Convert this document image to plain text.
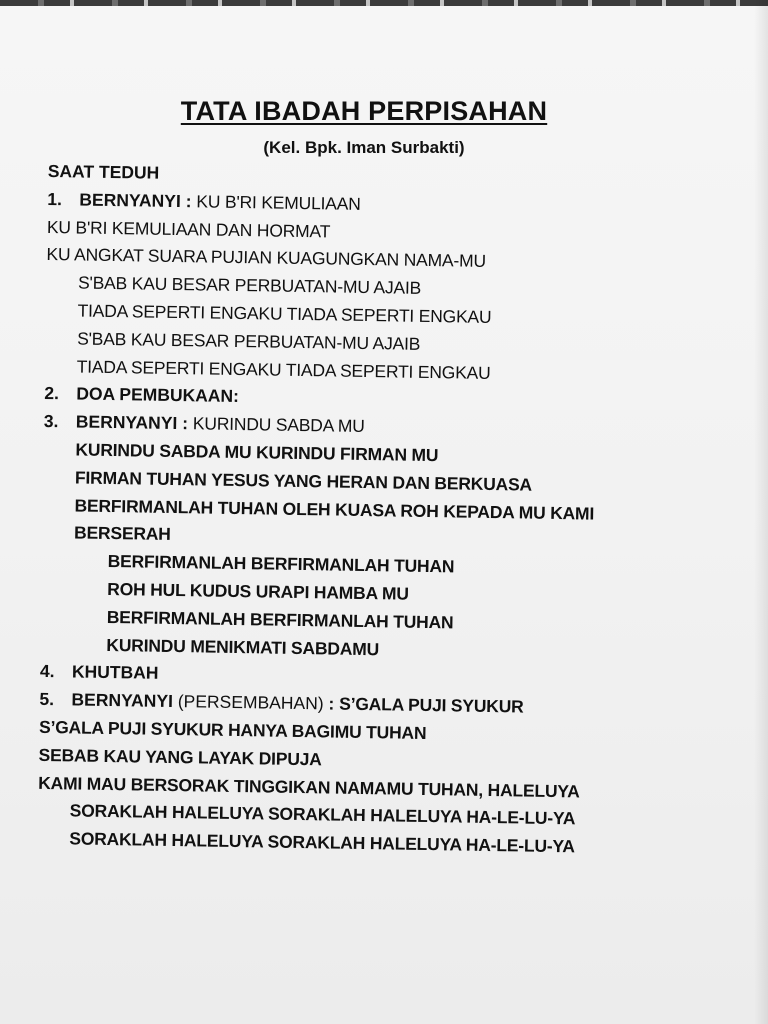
TATA IBADAH PERPISAHAN
(Kel. Bpk. Iman Surbakti)
SAAT TEDUH
1. BERNYANYI : KU B'RI KEMULIAAN
KU B'RI KEMULIAAN DAN HORMAT
KU ANGKAT SUARA PUJIAN KUAGUNGKAN NAMA-MU
S'BAB KAU BESAR PERBUATAN-MU AJAIB
TIADA SEPERTI ENGAKU TIADA SEPERTI ENGKAU
S'BAB KAU BESAR PERBUATAN-MU AJAIB
TIADA SEPERTI ENGAKU TIADA SEPERTI ENGKAU
2. DOA PEMBUKAAN:
3. BERNYANYI : KURINDU SABDA MU
KURINDU SABDA MU KURINDU FIRMAN MU
FIRMAN TUHAN YESUS YANG HERAN DAN BERKUASA
BERFIRMANLAH TUHAN OLEH KUASA ROH KEPADA MU KAMI
BERSERAH
BERFIRMANLAH BERFIRMANLAH TUHAN
ROH HUL KUDUS URAPI HAMBA MU
BERFIRMANLAH BERFIRMANLAH TUHAN
KURINDU MENIKMATI SABDAMU
4. KHUTBAH
5. BERNYANYI (PERSEMBAHAN) : S’GALA PUJI SYUKUR
S’GALA PUJI SYUKUR HANYA BAGIMU TUHAN
SEBAB KAU YANG LAYAK DIPUJA
KAMI MAU BERSORAK TINGGIKAN NAMAMU TUHAN, HALELUYA
SORAKLAH HALELUYA SORAKLAH HALELUYA HA-LE-LU-YA
SORAKLAH HALELUYA SORAKLAH HALELUYA HA-LE-LU-YA
